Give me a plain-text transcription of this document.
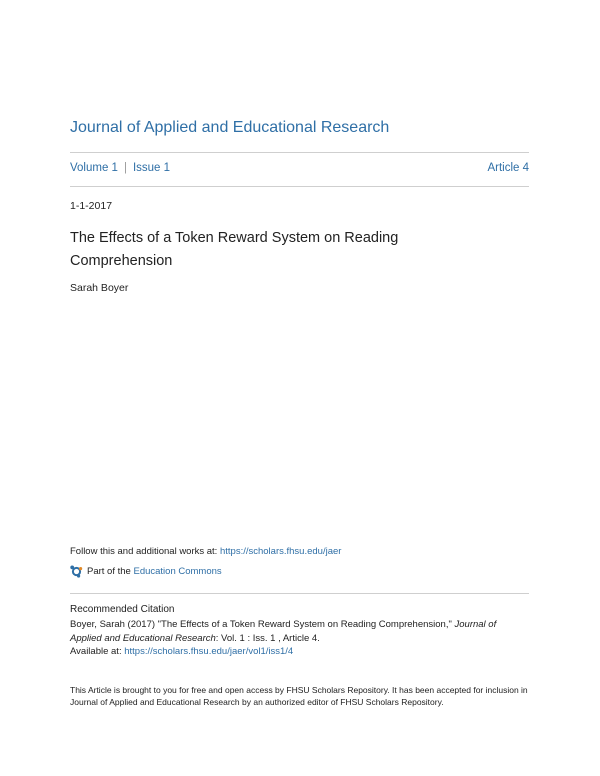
Journal of Applied and Educational Research
Volume 1 | Issue 1	Article 4
1-1-2017
The Effects of a Token Reward System on Reading Comprehension
Sarah Boyer
Follow this and additional works at: https://scholars.fhsu.edu/jaer
Part of the
Education Commons
Recommended Citation
Boyer, Sarah (2017) "The Effects of a Token Reward System on Reading Comprehension," Journal of Applied and Educational Research: Vol. 1 : Iss. 1 , Article 4.
Available at: https://scholars.fhsu.edu/jaer/vol1/iss1/4
This Article is brought to you for free and open access by FHSU Scholars Repository. It has been accepted for inclusion in Journal of Applied and Educational Research by an authorized editor of FHSU Scholars Repository.
